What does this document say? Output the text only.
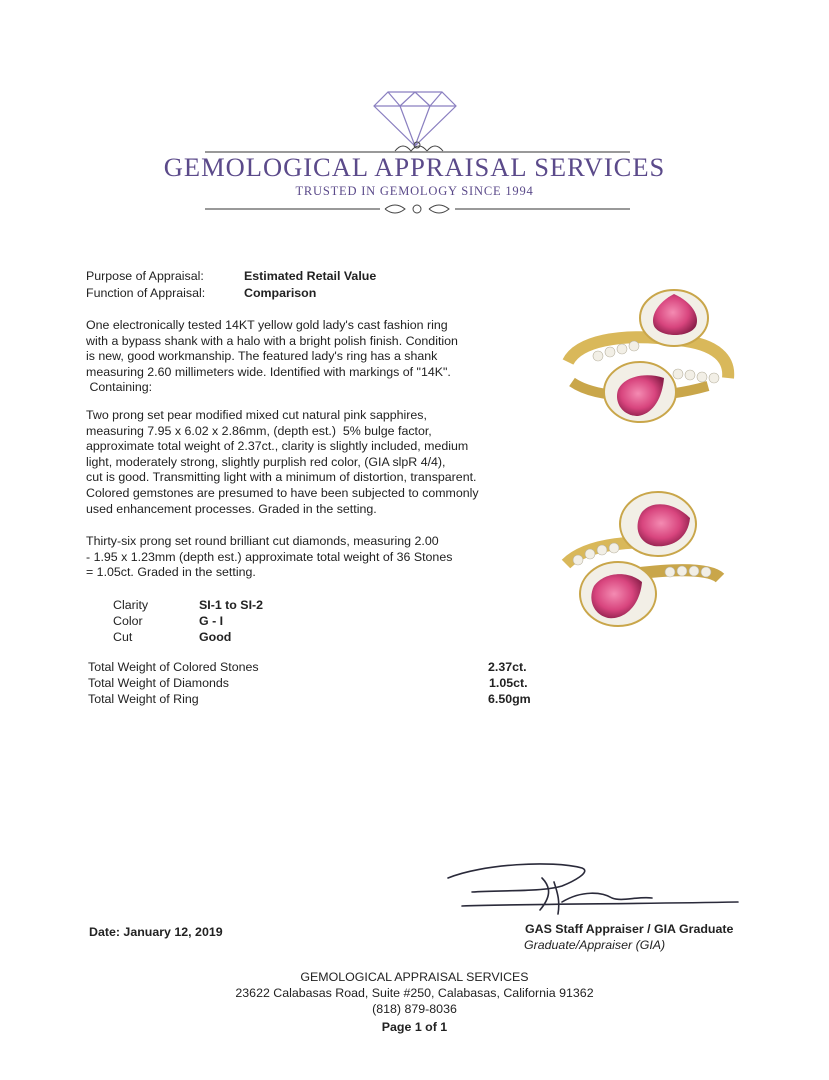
GEMOLOGICAL APPRAISAL SERVICES
TRUSTED IN GEMOLOGY SINCE 1994
Purpose of Appraisal:	Estimated Retail Value
Function of Appraisal:	Comparison
One electronically tested 14KT yellow gold lady's cast fashion ring
with a bypass shank with a halo with a bright polish finish. Condition
is new, good workmanship. The featured lady's ring has a shank
measuring 2.60 millimeters wide. Identified with markings of "14K".
Containing:
Two prong set pear modified mixed cut natural pink sapphires,
measuring 7.95 x 6.02 x 2.86mm, (depth est.)  5% bulge factor,
approximate total weight of 2.37ct., clarity is slightly included, medium
light, moderately strong, slightly purplish red color, (GIA slpR 4/4),
cut is good. Transmitting light with a minimum of distortion, transparent.
Colored gemstones are presumed to have been subjected to commonly
used enhancement processes. Graded in the setting.
Thirty-six prong set round brilliant cut diamonds, measuring 2.00
- 1.95 x 1.23mm (depth est.) approximate total weight of 36 Stones
= 1.05ct. Graded in the setting.
Clarity	SI-1 to SI-2
Color	G - I
Cut	Good
Total Weight of Colored Stones	2.37ct.
Total Weight of Diamonds	1.05ct.
Total Weight of Ring	6.50gm
Date: January 12, 2019	GAS Staff Appraiser / GIA Graduate
Graduate/Appraiser (GIA)
GEMOLOGICAL APPRAISAL SERVICES
23622 Calabasas Road, Suite #250, Calabasas, California 91362
(818) 879-8036
Page 1 of 1
